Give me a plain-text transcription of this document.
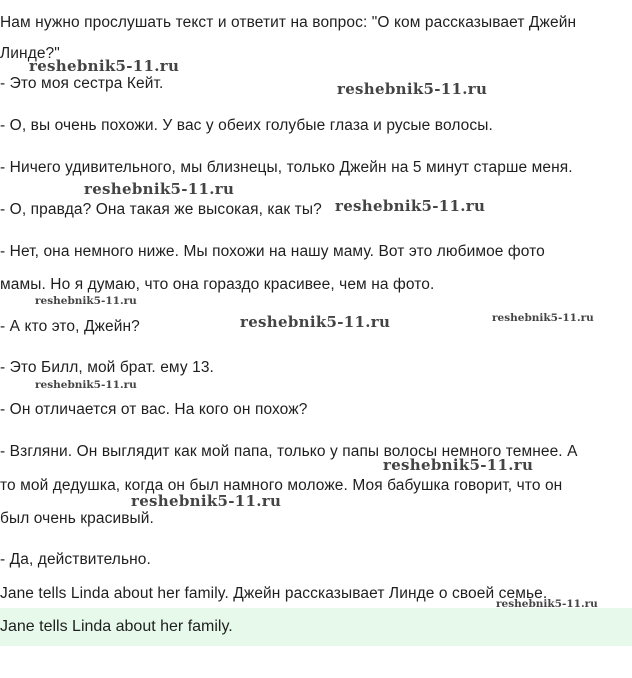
Нам нужно прослушать текст и ответит на вопрос: "О ком рассказывает Джейн
Линде?"
- Это моя сестра Кейт.
- О, вы очень похожи. У вас у обеих голубые глаза и русые волосы.
- Ничего удивительного, мы близнецы, только Джейн на 5 минут старше меня.
- О, правда? Она такая же высокая, как ты?
- Нет, она немного ниже. Мы похожи на нашу маму. Вот это любимое фото
мамы. Но я думаю, что она гораздо красивее, чем на фото.
- А кто это, Джейн?
- Это Билл, мой брат. ему 13.
- Он отличается от вас. На кого он похож?
- Взгляни. Он выглядит как мой папа, только у папы волосы немного темнее. А
то мой дедушка, когда он был намного моложе. Моя бабушка говорит, что он
был очень красивый.
- Да, действительно.
Jane tells Linda about her family. Джейн рассказывает Линде о своей семье.
Jane tells Linda about her family.
reshebnik5-11.ru
reshebnik5-11.ru
reshebnik5-11.ru
reshebnik5-11.ru
reshebnik5-11.ru
reshebnik5-11.ru	reshebnik5-11.ru
reshebnik5-11.ru
reshebnik5-11.ru
reshebnik5-11.ru
reshebnik5-11.ru
